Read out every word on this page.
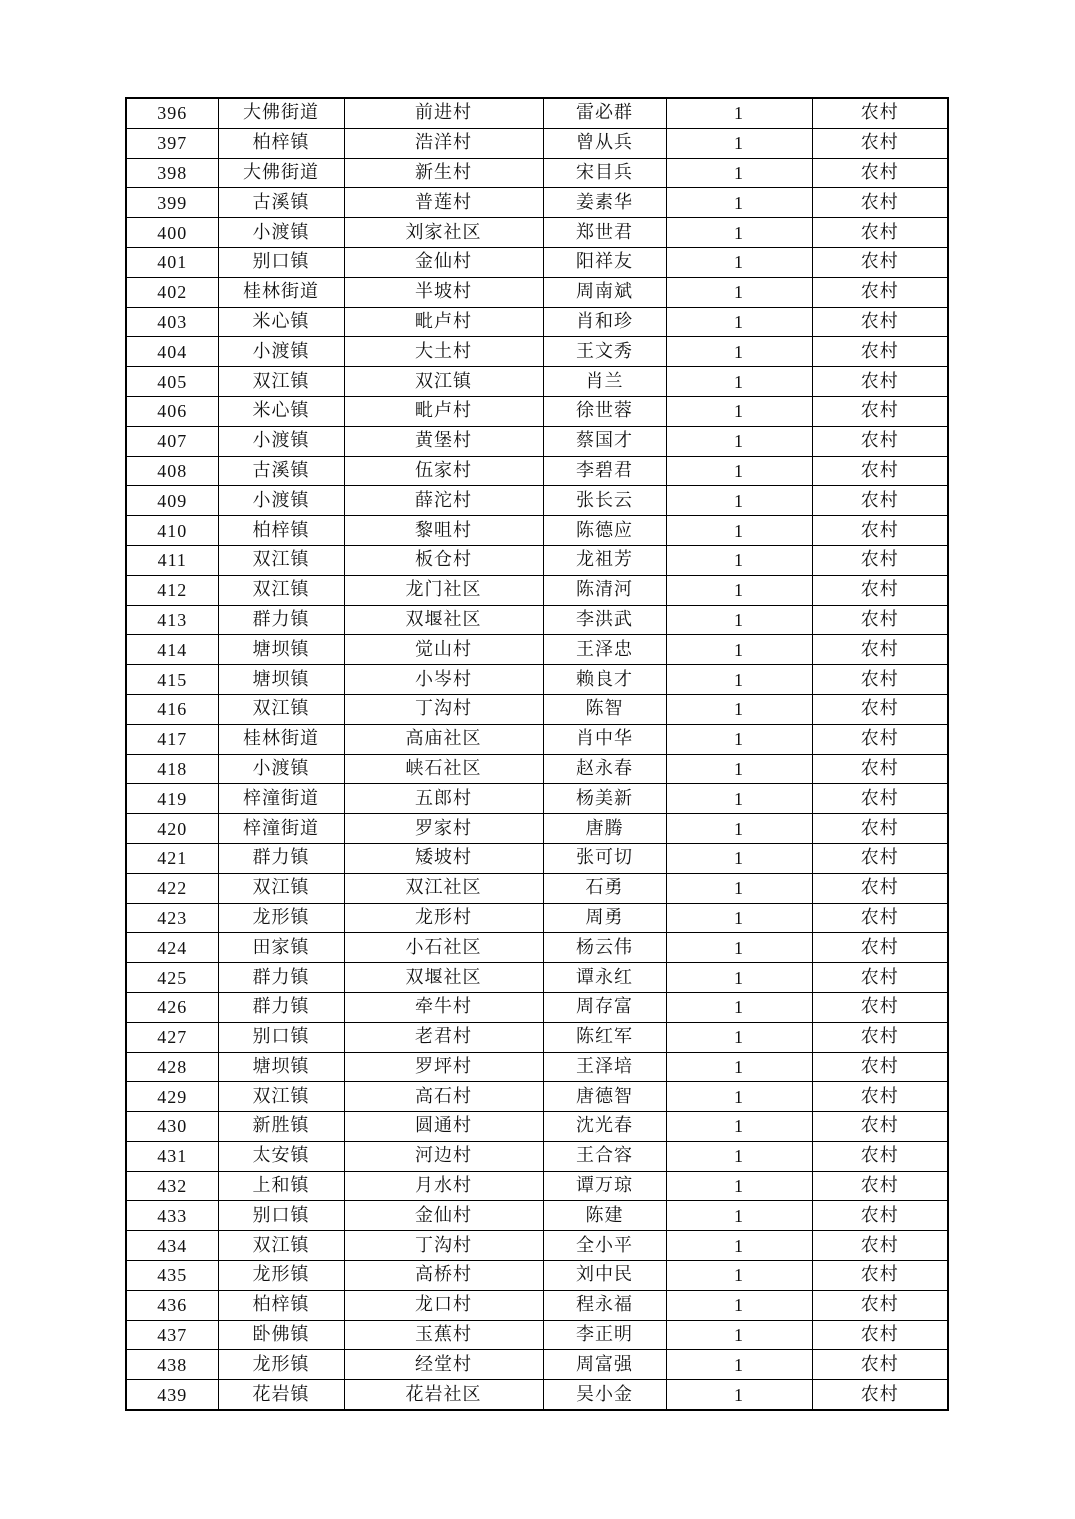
396	大佛街道	前进村	雷必群	1	农村
397	柏梓镇	浩洋村	曾从兵	1	农村
398	大佛街道	新生村	宋目兵	1	农村
399	古溪镇	普莲村	姜素华	1	农村
400	小渡镇	刘家社区	郑世君	1	农村
401	别口镇	金仙村	阳祥友	1	农村
402	桂林街道	半坡村	周南斌	1	农村
403	米心镇	毗卢村	肖和珍	1	农村
404	小渡镇	大土村	王文秀	1	农村
405	双江镇	双江镇	肖兰	1	农村
406	米心镇	毗卢村	徐世蓉	1	农村
407	小渡镇	黄堡村	蔡国才	1	农村
408	古溪镇	伍家村	李碧君	1	农村
409	小渡镇	薛沱村	张长云	1	农村
410	柏梓镇	黎咀村	陈德应	1	农村
411	双江镇	板仓村	龙祖芳	1	农村
412	双江镇	龙门社区	陈清河	1	农村
413	群力镇	双堰社区	李洪武	1	农村
414	塘坝镇	觉山村	王泽忠	1	农村
415	塘坝镇	小岑村	赖良才	1	农村
416	双江镇	丁沟村	陈智	1	农村
417	桂林街道	高庙社区	肖中华	1	农村
418	小渡镇	峡石社区	赵永春	1	农村
419	梓潼街道	五郎村	杨美新	1	农村
420	梓潼街道	罗家村	唐腾	1	农村
421	群力镇	矮坡村	张可切	1	农村
422	双江镇	双江社区	石勇	1	农村
423	龙形镇	龙形村	周勇	1	农村
424	田家镇	小石社区	杨云伟	1	农村
425	群力镇	双堰社区	谭永红	1	农村
426	群力镇	牵牛村	周存富	1	农村
427	别口镇	老君村	陈红军	1	农村
428	塘坝镇	罗坪村	王泽培	1	农村
429	双江镇	高石村	唐德智	1	农村
430	新胜镇	圆通村	沈光春	1	农村
431	太安镇	河边村	王合容	1	农村
432	上和镇	月水村	谭万琼	1	农村
433	别口镇	金仙村	陈建	1	农村
434	双江镇	丁沟村	全小平	1	农村
435	龙形镇	高桥村	刘中民	1	农村
436	柏梓镇	龙口村	程永福	1	农村
437	卧佛镇	玉蕉村	李正明	1	农村
438	龙形镇	经堂村	周富强	1	农村
439	花岩镇	花岩社区	吴小金	1	农村
